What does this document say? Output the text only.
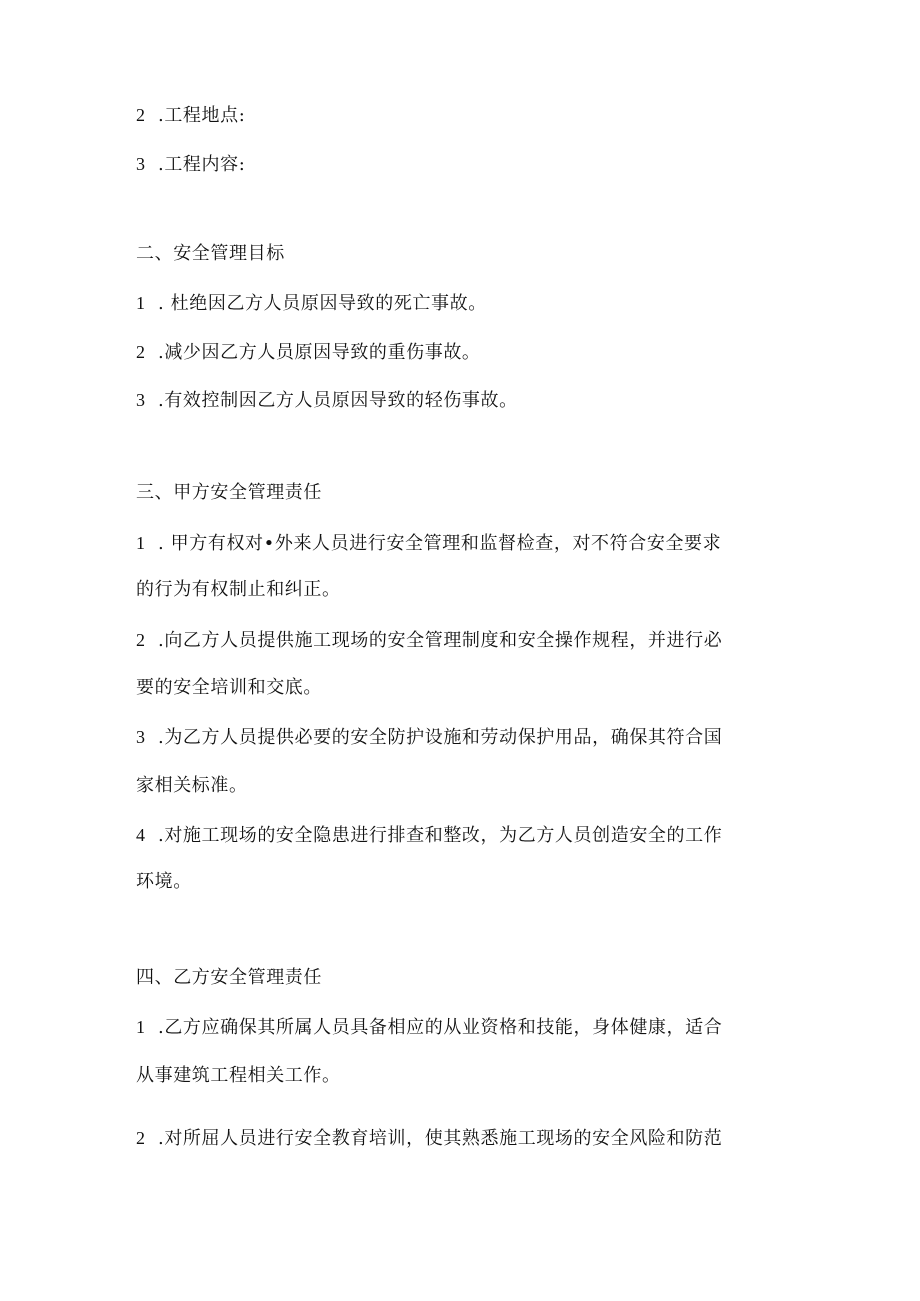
2 .工程地点:
3 .工程内容:
二、安全管理目标
1 . 杜绝因乙方人员原因导致的死亡事故。
2 .减少因乙方人员原因导致的重伤事故。
3 .有效控制因乙方人员原因导致的轻伤事故。
三、甲方安全管理责任
1 . 甲方有权对•外来人员进行安全管理和监督检查，对不符合安全要求
的行为有权制止和纠正。
2 .向乙方人员提供施工现场的安全管理制度和安全操作规程，并进行必
要的安全培训和交底。
3 .为乙方人员提供必要的安全防护设施和劳动保护用品，确保其符合国
家相关标准。
4 .对施工现场的安全隐患进行排查和整改，为乙方人员创造安全的工作
环境。
四、乙方安全管理责任
1 .乙方应确保其所属人员具备相应的从业资格和技能，身体健康，适合
从事建筑工程相关工作。
2 .对所屈人员进行安全教育培训，使其熟悉施工现场的安全风险和防范
